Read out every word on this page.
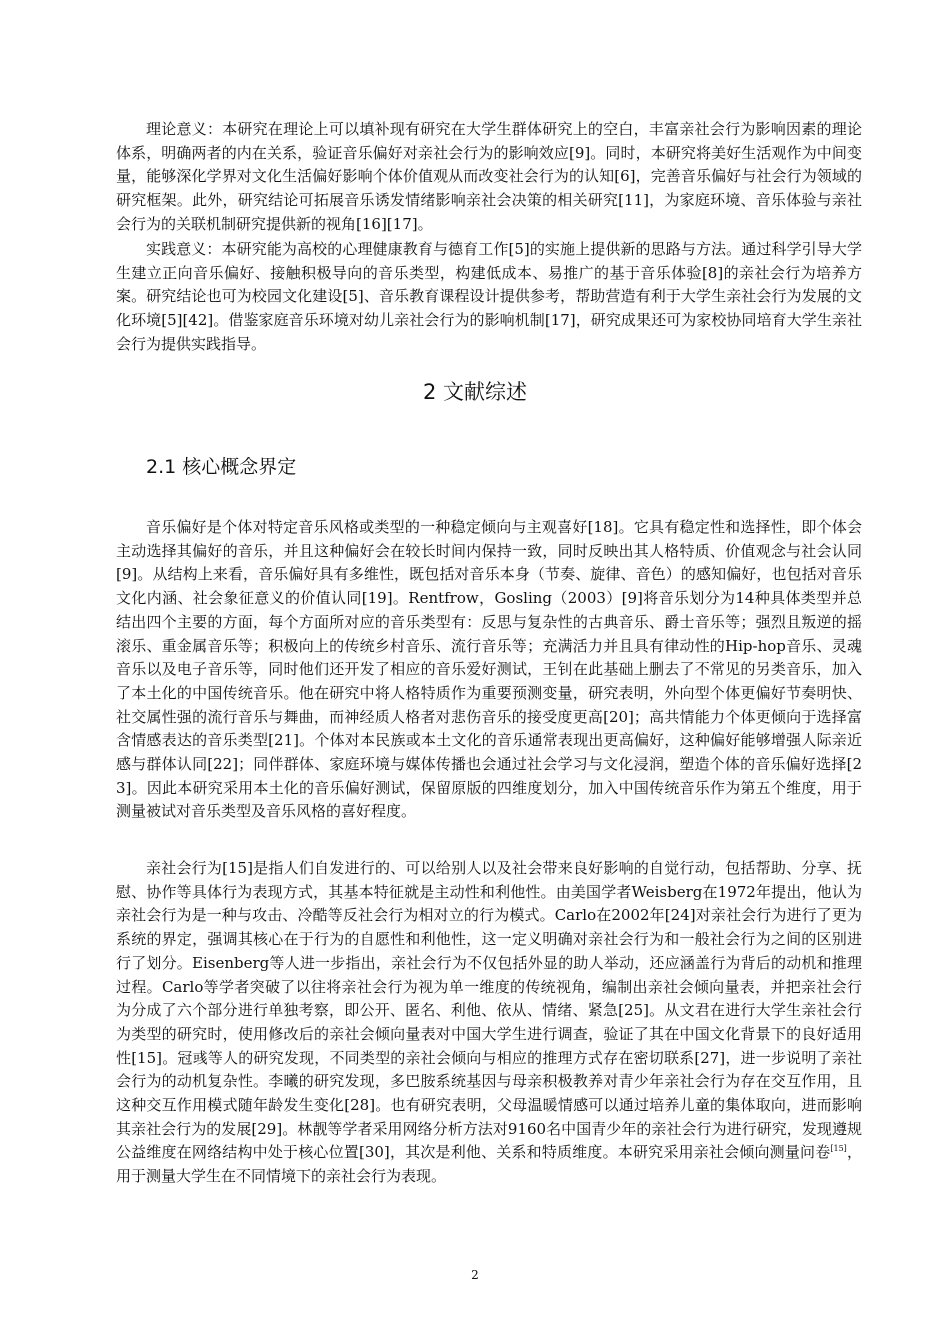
理论意义：本研究在理论上可以填补现有研究在大学生群体研究上的空白，丰富亲社会行为影响因素的理论体系，明确两者的内在关系，验证音乐偏好对亲社会行为的影响效应[9]。同时，本研究将美好生活观作为中间变量，能够深化学界对文化生活偏好影响个体价值观从而改变社会行为的认知[6]，完善音乐偏好与社会行为领域的研究框架。此外，研究结论可拓展音乐诱发情绪影响亲社会决策的相关研究[11]，为家庭环境、音乐体验与亲社会行为的关联机制研究提供新的视角[16][17]。

实践意义：本研究能为高校的心理健康教育与德育工作[5]的实施上提供新的思路与方法。通过科学引导大学生建立正向音乐偏好、接触积极导向的音乐类型，构建低成本、易推广的基于音乐体验[8]的亲社会行为培养方案。研究结论也可为校园文化建设[5]、音乐教育课程设计提供参考，帮助营造有利于大学生亲社会行为发展的文化环境[5][42]。借鉴家庭音乐环境对幼儿亲社会行为的影响机制[17]，研究成果还可为家校协同培育大学生亲社会行为提供实践指导。

2 文献综述
2.1 核心概念界定

音乐偏好是个体对特定音乐风格或类型的一种稳定倾向与主观喜好[18]。它具有稳定性和选择性，即个体会主动选择其偏好的音乐，并且这种偏好会在较长时间内保持一致，同时反映出其人格特质、价值观念与社会认同[9]。从结构上来看，音乐偏好具有多维性，既包括对音乐本身（节奏、旋律、音色）的感知偏好，也包括对音乐文化内涵、社会象征意义的价值认同[19]。Rentfrow，Gosling（2003）[9]将音乐划分为14种具体类型并总结出四个主要的方面，每个方面所对应的音乐类型有：反思与复杂性的古典音乐、爵士音乐等；强烈且叛逆的摇滚乐、重金属音乐等；积极向上的传统乡村音乐、流行音乐等；充满活力并且具有律动性的Hip-hop音乐、灵魂音乐以及电子音乐等，同时他们还开发了相应的音乐爱好测试，王钊在此基础上删去了不常见的另类音乐，加入了本土化的中国传统音乐。他在研究中将人格特质作为重要预测变量，研究表明，外向型个体更偏好节奏明快、社交属性强的流行音乐与舞曲，而神经质人格者对悲伤音乐的接受度更高[20]；高共情能力个体更倾向于选择富含情感表达的音乐类型[21]。个体对本民族或本土文化的音乐通常表现出更高偏好，这种偏好能够增强人际亲近感与群体认同[22]；同伴群体、家庭环境与媒体传播也会通过社会学习与文化浸润，塑造个体的音乐偏好选择[23]。因此本研究采用本土化的音乐偏好测试，保留原版的四维度划分，加入中国传统音乐作为第五个维度，用于测量被试对音乐类型及音乐风格的喜好程度。

亲社会行为[15]是指人们自发进行的、可以给别人以及社会带来良好影响的自觉行动，包括帮助、分享、抚慰、协作等具体行为表现方式，其基本特征就是主动性和利他性。由美国学者Weisberg在1972年提出，他认为亲社会行为是一种与攻击、冷酷等反社会行为相对立的行为模式。Carlo在2002年[24]对亲社会行为进行了更为系统的界定，强调其核心在于行为的自愿性和利他性，这一定义明确对亲社会行为和一般社会行为之间的区别进行了划分。Eisenberg等人进一步指出，亲社会行为不仅包括外显的助人举动，还应涵盖行为背后的动机和推理过程。Carlo等学者突破了以往将亲社会行为视为单一维度的传统视角，编制出亲社会倾向量表，并把亲社会行为分成了六个部分进行单独考察，即公开、匿名、利他、依从、情绪、紧急[25]。从文君在进行大学生亲社会行为类型的研究时，使用修改后的亲社会倾向量表对中国大学生进行调查，验证了其在中国文化背景下的良好适用性[15]。冠彧等人的研究发现，不同类型的亲社会倾向与相应的推理方式存在密切联系[27]，进一步说明了亲社会行为的动机复杂性。李曦的研究发现，多巴胺系统基因与母亲积极教养对青少年亲社会行为存在交互作用，且这种交互作用模式随年龄发生变化[28]。也有研究表明，父母温暖情感可以通过培养儿童的集体取向，进而影响其亲社会行为的发展[29]。林靓等学者采用网络分析方法对9160名中国青少年的亲社会行为进行研究，发现遵规公益维度在网络结构中处于核心位置[30]，其次是利他、关系和特质维度。本研究采用亲社会倾向测量问卷[15]，用于测量大学生在不同情境下的亲社会行为表现。

2
